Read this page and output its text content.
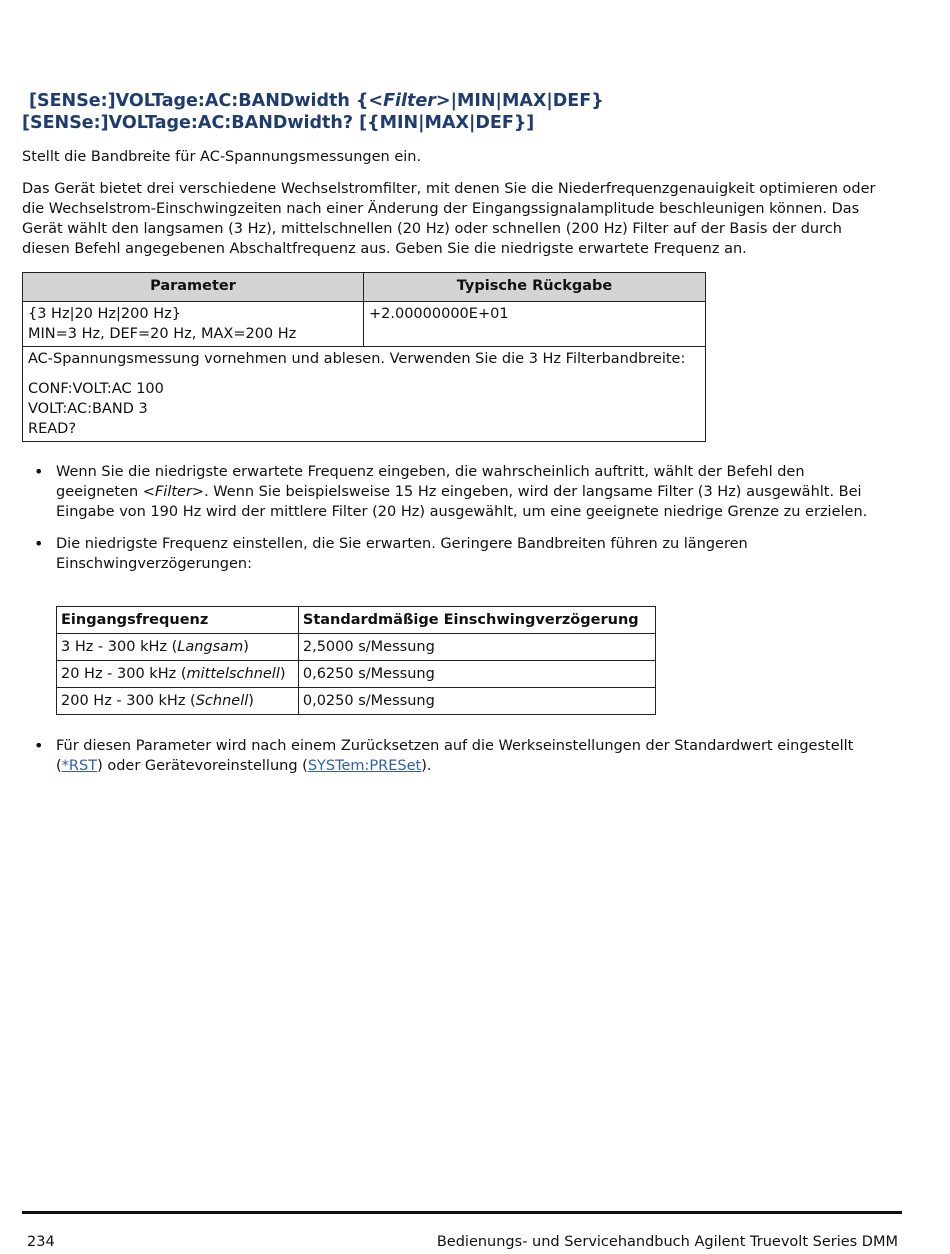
[SENSe:]VOLTage:AC:BANDwidth {<Filter>|MIN|MAX|DEF}
[SENSe:]VOLTage:AC:BANDwidth? [{MIN|MAX|DEF}]

Stellt die Bandbreite für AC-Spannungsmessungen ein.

Das Gerät bietet drei verschiedene Wechselstromfilter, mit denen Sie die Niederfrequenzgenauigkeit optimieren oder
die Wechselstrom-Einschwingzeiten nach einer Änderung der Eingangssignalamplitude beschleunigen können. Das
Gerät wählt den langsamen (3 Hz), mittelschnellen (20 Hz) oder schnellen (200 Hz) Filter auf der Basis der durch
diesen Befehl angegebenen Abschaltfrequenz aus. Geben Sie die niedrigste erwartete Frequenz an.
Parameter	Typische Rückgabe

{3 Hz|20 Hz|200 Hz}
MIN=3 Hz, DEF=20 Hz, MAX=200 Hz	+2.00000000E+01

AC-Spannungsmessung vornehmen und ablesen. Verwenden Sie die 3 Hz Filterbandbreite:
CONF:VOLT:AC 100
VOLT:AC:BAND 3
READ?	
• Wenn Sie die niedrigste erwartete Frequenz eingeben, die wahrscheinlich auftritt, wählt der Befehl den
geeigneten <Filter>. Wenn Sie beispielsweise 15 Hz eingeben, wird der langsame Filter (3 Hz) ausgewählt. Bei
Eingabe von 190 Hz wird der mittlere Filter (20 Hz) ausgewählt, um eine geeignete niedrige Grenze zu erzielen.
• Die niedrigste Frequenz einstellen, die Sie erwarten. Geringere Bandbreiten führen zu längeren
Einschwingverzögerungen:
• Für diesen Parameter wird nach einem Zurücksetzen auf die Werkseinstellungen der Standardwert eingestellt
(*RST) oder Gerätevoreinstellung (SYSTem:PRESet).
Eingangsfrequenz	Standardmäßige Einschwingverzögerung
3 Hz - 300 kHz (Langsam)	2,5000 s/Messung
20 Hz - 300 kHz (mittelschnell)	0,6250 s/Messung
200 Hz - 300 kHz (Schnell)	0,0250 s/Messung
234	Bedienungs- und Servicehandbuch Agilent Truevolt Series DMM
